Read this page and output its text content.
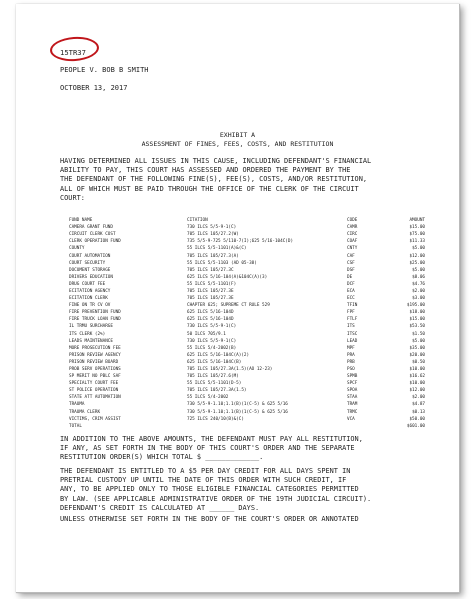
15TR37
PEOPLE V. BOB B SMITH
OCTOBER 13, 2017
EXHIBIT A
ASSESSMENT OF FINES, FEES, COSTS, AND RESTITUTION
HAVING DETERMINED ALL ISSUES IN THIS CAUSE, INCLUDING DEFENDANT'S FINANCIAL
ABILITY TO PAY, THIS COURT HAS ASSESSED AND ORDERED THE PAYMENT BY THE
THE DEFENDANT OF THE FOLLOWING FINE(S), FEE(S), COSTS, AND/OR RESTITUTION,
ALL OF WHICH MUST BE PAID THROUGH THE OFFICE OF THE CLERK OF THE CIRCUIT
COURT:
FUND NAME	CITATION	CODE	AMOUNT
CAMERA GRANT FUND	730 ILCS 5/5-9-1(C)	CAMR	$15.00
CIRCUIT CLERK COST	705 ILCS 105/27.2(W)	CIRC	$75.00
CLERK OPERATION FUND	735 5/5-9-725 5/110-7(I);625 5/16-104C(D)	COAF	$11.33
COUNTY	55 ILCS 5/5-1101(A)&(C)	CNTY	$5.00
COURT AUTOMATION	705 ILCS 105/27.3(A)	CAF	$12.00
COURT SECURITY	55 ILCS 5/5-1103 (AD 05-38)	CSF	$25.00
DOCUMENT STORAGE	705 ILCS 105/27.3C	DSF	$5.00
DRIVERS EDUCATION	625 ILCS 5/16-104(A)&104C(A)(3)	DE	$8.06
DRUG COURT FEE	55 ILCS 5/5-1101(F)	DCF	$4.76
ECITATION AGENCY	705 ILCS 105/27.3E	ECA	$2.00
ECITATION CLERK	705 ILCS 105/27.3E	ECC	$3.00
FINE ON TR CV OV	CHAPTER 625; SUPREME CT RULE 529	TFIN	$195.00
FIRE PREVENTION FUND	625 ILCS 5/16-104D	FPF	$18.00
FIRE TRUCK LOAN FUND	625 ILCS 5/16-104D	FTLF	$15.00
IL TRMU SURCHARGE	730 ILCS 5/5-9-1(C)	ITS	$53.50
ITS CLERK (2%)	50 ILCS 705/9.1	ITSC	$1.50
LEADS MAINTENANCE	730 ILCS 5/5-9-1(C)	LEAD	$5.00
MORE PROSECUTION FEE	55 ILCS 5/4-2002(B)	MPF	$35.00
PRISON REVIEW AGENCY	625 ILCS 5/16-104C(A)(2)	PRA	$20.00
PRISON REVIEW BOARD	625 ILCS 5/16-104C(B)	PRB	$0.50
PROB SERV OPERATIONS	705 ILCS 105/27.3A(1.5)(AO 12-23)	PSO	$10.00
SP MERIT NO PBLC SAF	705 ILCS 105/27.6(M)	SPMB	$16.62
SPECIALTY COURT FEE	55 ILCS 5/5-1101(D-5)	SPCF	$10.00
ST POLICE OPERATION	705 ILCS 105/27.3A(1.5)	SPOA	$12.00
STATE ATT AUTOMATION	55 ILCS 5/4-2002	STAA	$2.00
TRAUMA	730 5/5-9-1.10;1.1(B)(1(C-5) & 625 5/16	TRAM	$4.87
TRAUMA CLERK	730 5/5-9-1.10;1.1(B)(1(C-5) & 625 5/16	TRMC	$0.13
VICTIMS, CRIM ASSIST	725 ILCS 240/10(B)&(C)	VCA	$50.00
TOTAL			$601.00
IN ADDITION TO THE ABOVE AMOUNTS, THE DEFENDANT MUST PAY ALL RESTITUTION,
IF ANY, AS SET FORTH IN THE BODY OF THIS COURT'S ORDER AND THE SEPARATE
RESTITUTION ORDER(S) WHICH TOTAL $ _____________.
THE DEFENDANT IS ENTITLED TO A $5 PER DAY CREDIT FOR ALL DAYS SPENT IN
PRETRIAL CUSTODY UP UNTIL THE DATE OF THIS ORDER WITH SUCH CREDIT, IF
ANY, TO BE APPLIED ONLY TO THOSE ELIGIBLE FINANCIAL CATEGORIES PERMITTED
BY LAW. (SEE APPLICABLE ADMINISTRATIVE ORDER OF THE 19TH JUDICIAL CIRCUIT).
DEFENDANT'S CREDIT IS CALCULATED AT ______ DAYS.
UNLESS OTHERWISE SET FORTH IN THE BODY OF THE COURT'S ORDER OR ANNOTATED
